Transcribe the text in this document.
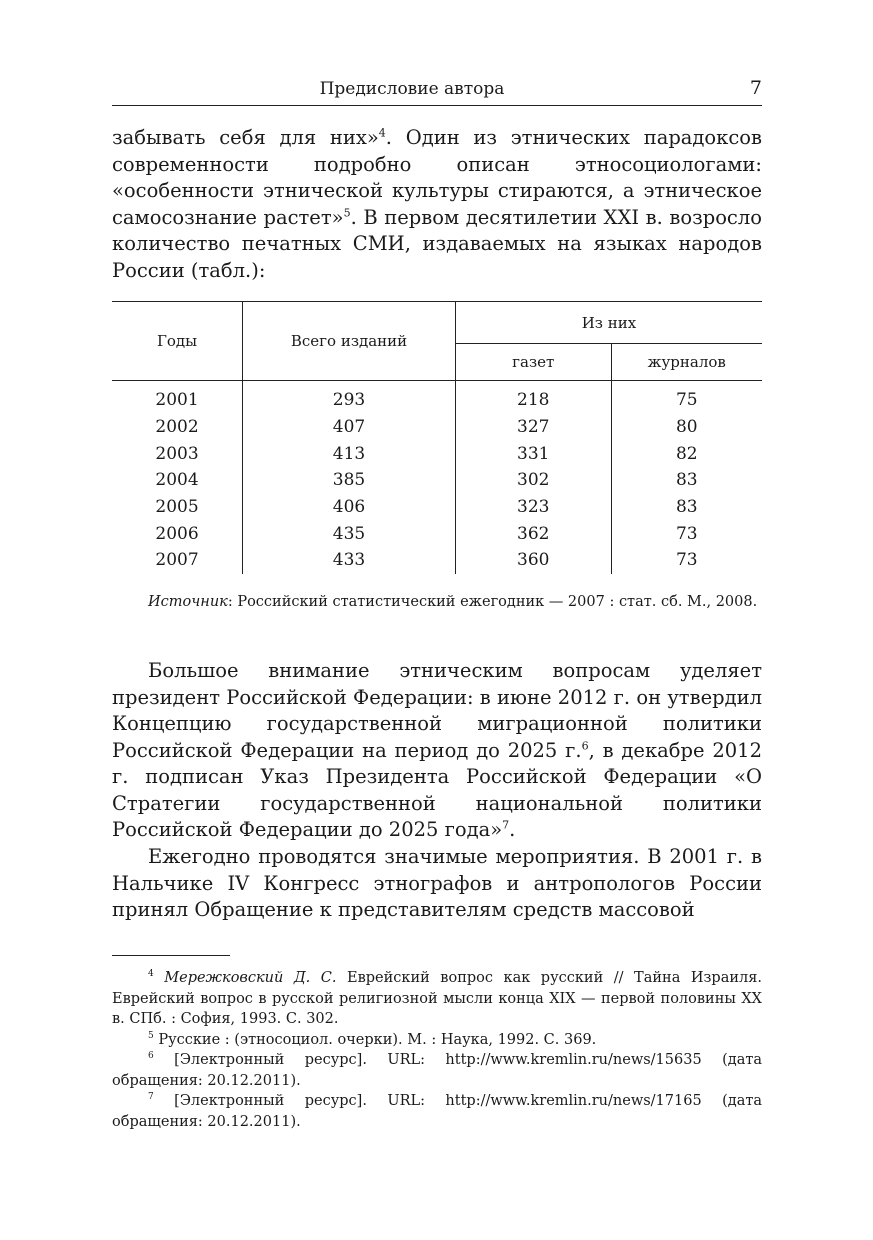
Предисловие автора	7

забывать себя для них»$^4$. Один из этнических парадоксов современности подробно описан этносоциологами: «особенности этнической культуры стираются, а этническое самосознание растет»$^5$. В первом десятилетии XXI в. возросло количество печатных СМИ, издаваемых на языках народов России (табл.):

Годы	Всего изданий	Из них	
		газет	журналов
2001	293	218	75
2002	407	327	80
2003	413	331	82
2004	385	302	83
2005	406	323	83
2006	435	362	73
2007	433	360	73

Источник: Российский статистический ежегодник — 2007 : стат. сб. М., 2008.

Большое внимание этническим вопросам уделяет президент Российской Федерации: в июне 2012 г. он утвердил Концепцию государственной миграционной политики Российской Федерации на период до 2025 г.$^6$, в декабре 2012 г. подписан Указ Президента Российской Федерации «О Стратегии государственной национальной политики Российской Федерации до 2025 года»$^7$.

Ежегодно проводятся значимые мероприятия. В 2001 г. в Нальчике IV Конгресс этнографов и антропологов России принял Обращение к представителям средств массовой

$^4$ Мережковский Д. С. Еврейский вопрос как русский // Тайна Израиля. Еврейский вопрос в русской религиозной мысли конца XIX — первой половины XX в. СПб. : София, 1993. С. 302.

$^5$ Русские : (этносоциол. очерки). М. : Наука, 1992. С. 369.

$^6$ [Электронный ресурс]. URL: http://www.kremlin.ru/news/15635 (дата обращения: 20.12.2011).

$^7$ [Электронный ресурс]. URL: http://www.kremlin.ru/news/17165 (дата обращения: 20.12.2011).
